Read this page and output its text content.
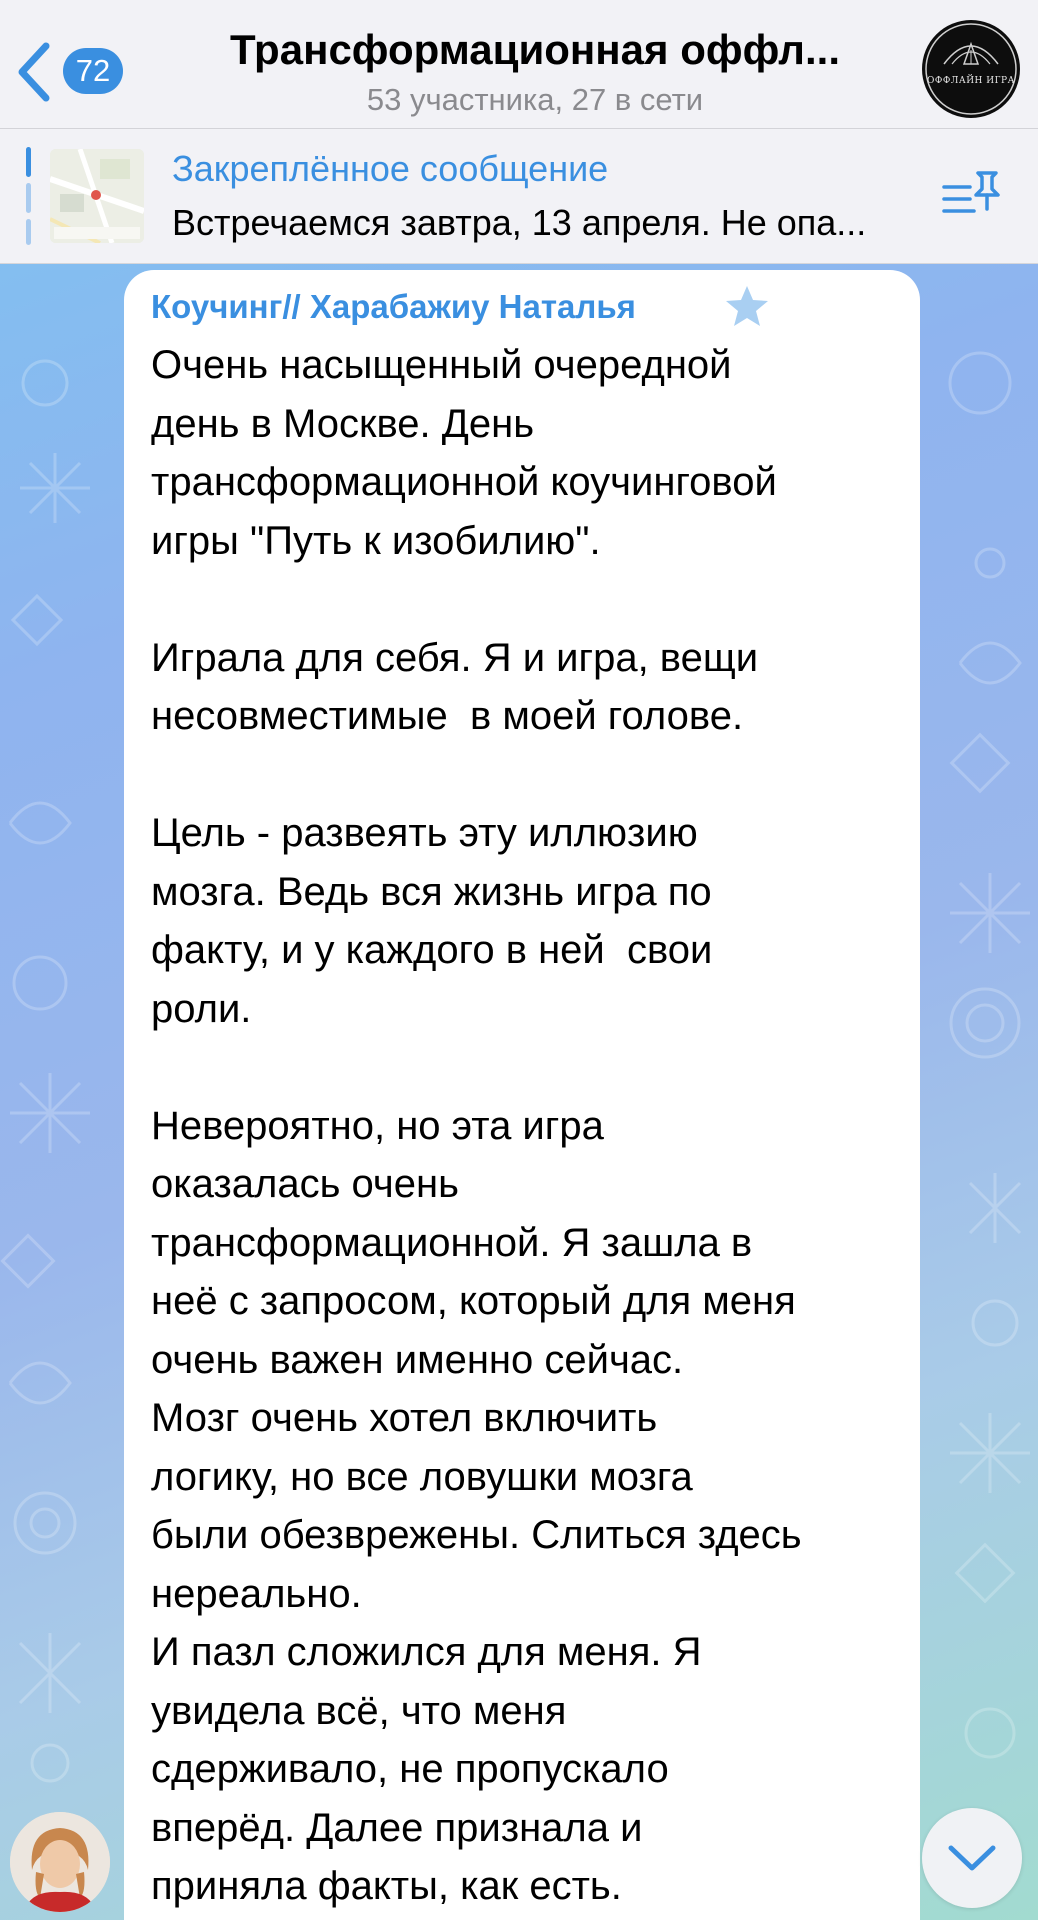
72	Трансформационная оффл...
53 участника, 27 в сети
ОФФЛАЙН ИГРА
Закреплённое сообщение
Встречаемся завтра, 13 апреля. Не опа...
Коучинг// Харабажиу Наталья
Очень насыщенный очередной
день в Москве. День
трансформационной коучинговой
игры "Путь к изобилию".

Играла для себя. Я и игра, вещи
несовместимые  в моей голове.

Цель - развеять эту иллюзию
мозга. Ведь вся жизнь игра по
факту, и у каждого в ней  свои
роли.

Невероятно, но эта игра
оказалась очень
трансформационной. Я зашла в
неё с запросом, который для меня
очень важен именно сейчас.
Мозг очень хотел включить
логику, но все ловушки мозга
были обезврежены. Слиться здесь
нереально.
И пазл сложился для меня. Я
увидела всё, что меня
сдерживало, не пропускало
вперёд. Далее признала и
приняла факты, как есть.
